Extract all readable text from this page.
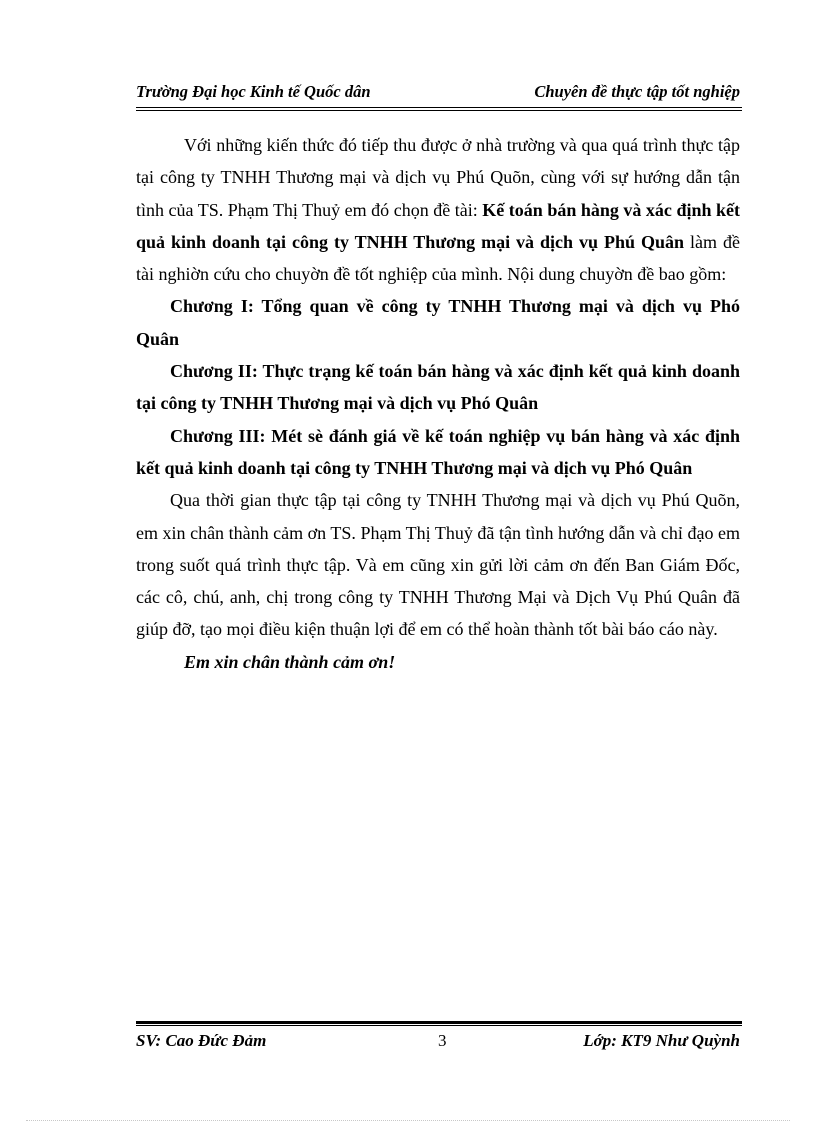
Trường Đại học Kinh tế Quốc dân	Chuyên đề thực tập tốt nghiệp

Với những kiến thức đó tiếp thu được ở nhà trường và qua quá trình thực tập tại công ty TNHH Thương mại và dịch vụ Phú Quõn, cùng với sự hướng dẫn tận tình của TS. Phạm Thị Thuỷ em đó chọn đề tài: Kế toán bán hàng và xác định kết quả kinh doanh tại công ty TNHH Thương mại và dịch vụ Phú Quân làm đề tài nghiờn cứu cho chuyờn đề tốt nghiệp của mình. Nội dung chuyờn đề bao gồm:

Chương I: Tổng quan về công ty TNHH Thương mại và dịch vụ Phó Quân

Chương II: Thực trạng kế toán bán hàng và xác định kết quả kinh doanh tại công ty TNHH Thương mại và dịch vụ Phó Quân

Chương III: Mét sè đánh giá về kế toán nghiệp vụ bán hàng và xác định kết quả kinh doanh tại công ty TNHH Thương mại và dịch vụ Phó Quân

Qua thời gian thực tập tại công ty TNHH Thương mại và dịch vụ Phú Quõn, em xin chân thành cảm ơn TS. Phạm Thị Thuỷ đã tận tình hướng dẫn và chỉ đạo em trong suốt quá trình thực tập. Và em cũng xin gửi lời cảm ơn đến Ban Giám Đốc, các cô, chú, anh, chị trong công ty TNHH Thương Mại và Dịch Vụ Phú Quân đã giúp đỡ, tạo mọi điều kiện thuận lợi để em có thể hoàn thành tốt bài báo cáo này.

Em xin chân thành cảm ơn!

SV: Cao Đức Đảm	3	Lớp: KT9 Như Quỳnh
